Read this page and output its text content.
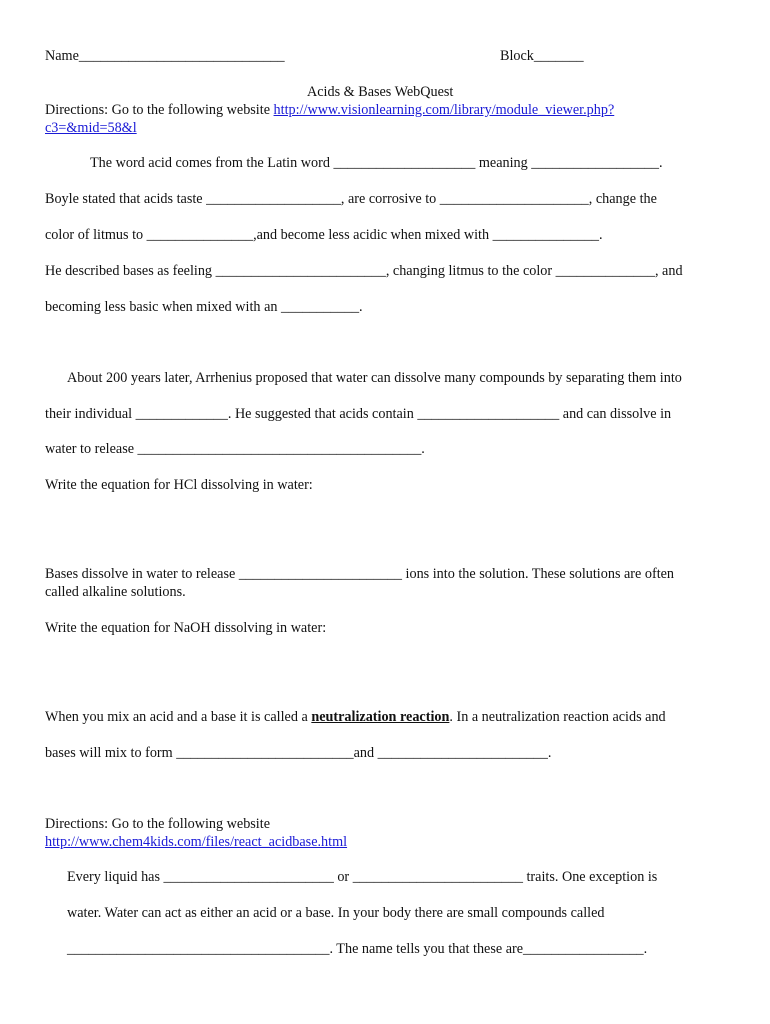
Name_____________________________	Block_______
Acids & Bases WebQuest
Directions: Go to the following website http://www.visionlearning.com/library/module_viewer.php?
c3=&mid=58&l
The word acid comes from the Latin word ____________________ meaning __________________.
Boyle stated that acids taste ___________________, are corrosive to _____________________, change the
color of litmus to _______________,and become less acidic when mixed with _______________.
He described bases as feeling ________________________, changing litmus to the color ______________, and
becoming less basic when mixed with an ___________.
About 200 years later, Arrhenius proposed that water can dissolve many compounds by separating them into
their individual _____________. He suggested that acids contain ____________________ and can dissolve in
water to release ________________________________________.
Write the equation for HCl dissolving in water:
Bases dissolve in water to release _______________________ ions into the solution. These solutions are often
called alkaline solutions.
Write the equation for NaOH dissolving in water:
When you mix an acid and a base it is called a neutralization reaction. In a neutralization reaction acids and
bases will mix to form _________________________and ________________________.
Directions: Go to the following website
http://www.chem4kids.com/files/react_acidbase.html
Every liquid has ________________________ or ________________________ traits. One exception is
water. Water can act as either an acid or a base. In your body there are small compounds called
_____________________________________. The name tells you that these are_________________.
